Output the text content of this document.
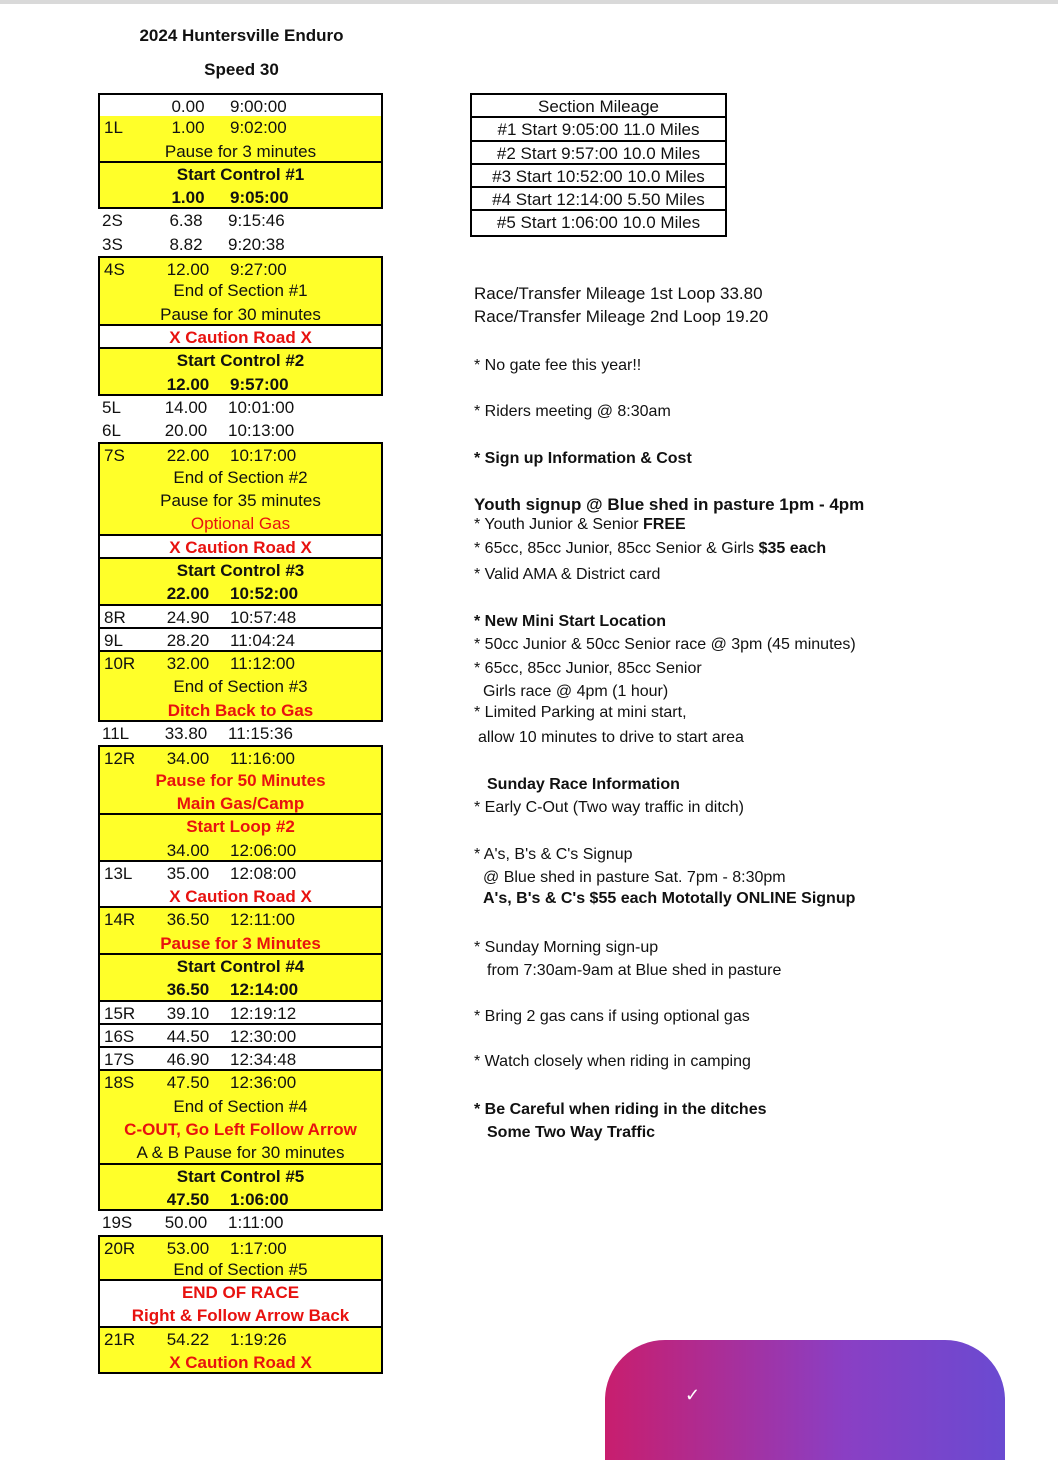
2024 Huntersville Enduro
Speed 30
0.00	9:00:00
1L	1.00	9:02:00
Pause for 3 minutes
Start Control #1
1.00	9:05:00
2S	6.38	9:15:46
3S	8.82	9:20:38
4S 12.00 9:27:00
End of Section #1
Pause for 30 minutes
X Caution Road X
Start Control #2
12.00 9:57:00
5L	14.00 10:01:00
6L	20.00 10:13:00
7S 22.00 10:17:00
End of Section #2
Pause for 35 minutes
Optional Gas
X Caution Road X
Start Control #3
22.00 10:52:00
8R 24.90 10:57:48
9L	28.20 11:04:24
10R 32.00 11:12:00
End of Section #3
Ditch Back to Gas
11L 33.80 11:15:36
12R 34.00 11:16:00
Pause for 50 Minutes
Main Gas/Camp
Start Loop #2
34.00 12:06:00
13L 35.00 12:08:00
X Caution Road X
14R 36.50 12:11:00
Pause for 3 Minutes
Start Control #4
36.50 12:14:00
15R 39.10 12:19:12
16S 44.50 12:30:00
17S 46.90 12:34:48
18S 47.50 12:36:00
End of Section #4
C-OUT, Go Left Follow Arrow
A & B Pause for 30 minutes
Start Control #5
47.50 1:06:00
19S 50.00 1:11:00
20R 53.00 1:17:00
End of Section #5
END OF RACE
Right & Follow Arrow Back
21R 54.22 1:19:26
X Caution Road X
Section Mileage
#1 Start 9:05:00 11.0 Miles
#2 Start 9:57:00 10.0 Miles
#3 Start 10:52:00 10.0 Miles
#4 Start 12:14:00 5.50 Miles
#5 Start 1:06:00 10.0 Miles
Race/Transfer Mileage 1st Loop 33.80
Race/Transfer Mileage 2nd Loop 19.20
* No gate fee this year!!
* Riders meeting @ 8:30am
* Sign up Information & Cost
Youth signup @ Blue shed in pasture 1pm - 4pm
* Youth Junior & Senior FREE
* 65cc, 85cc Junior, 85cc Senior & Girls $35 each
* Valid AMA & District card
* New Mini Start Location
* 50cc Junior & 50cc Senior race @ 3pm (45 minutes)
* 65cc, 85cc Junior, 85cc Senior
Girls race @ 4pm (1 hour)
* Limited Parking at mini start,
allow 10 minutes to drive to start area
Sunday Race Information
* Early C-Out (Two way traffic in ditch)
* A's, B's & C's Signup
@ Blue shed in pasture Sat. 7pm - 8:30pm
A's, B's & C's $55 each Mototally ONLINE Signup
* Sunday Morning sign-up
from 7:30am-9am at Blue shed in pasture
* Bring 2 gas cans if using optional gas
* Watch closely when riding in camping
* Be Careful when riding in the ditches
Some Two Way Traffic
✓
